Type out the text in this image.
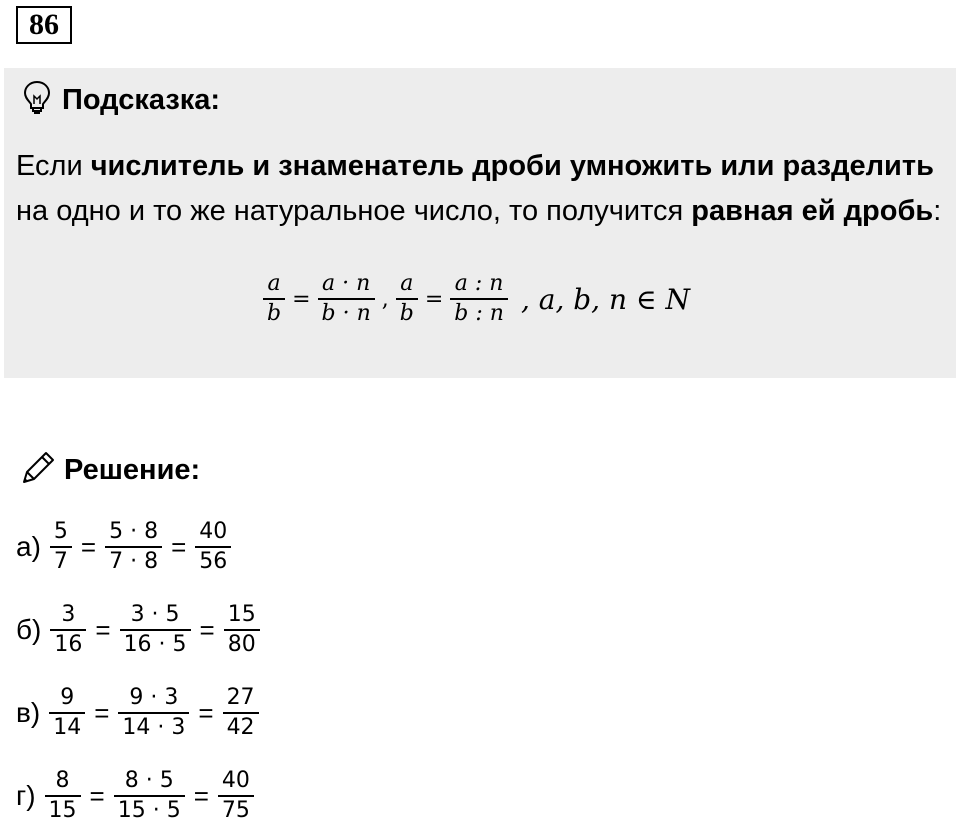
86
Подсказка:
Если числитель и знаменатель дроби умножить или разделить на одно и то же натуральное число, то получится равная ей дробь:
$\frac{a}{b} = \frac{a \cdot n}{b \cdot n}$ , $\frac{a}{b} = \frac{a : n}{b : n}$ , a, b, n ∈ N
Решение:
$а) \frac{5}{7} = \frac{5 \cdot 8}{7 \cdot 8} = \frac{40}{56}$
$б) \frac{3}{16} = \frac{3 \cdot 5}{16 \cdot 5} = \frac{15}{80}$
$в) \frac{9}{14} = \frac{9 \cdot 3}{14 \cdot 3} = \frac{27}{42}$
$г) \frac{8}{15} = \frac{8 \cdot 5}{15 \cdot 5} = \frac{40}{75}$
